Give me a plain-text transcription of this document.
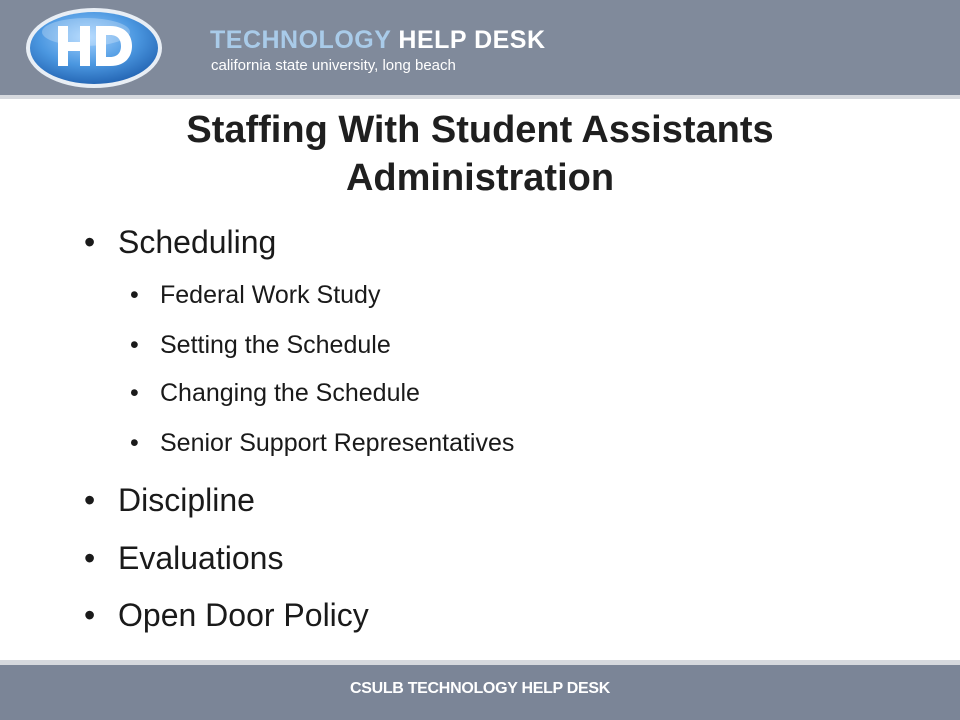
TECHNOLOGY HELP DESK
california state university, long beach
Staffing With Student Assistants
Administration
• Scheduling
• Federal Work Study
• Setting the Schedule
• Changing the Schedule
• Senior Support Representatives
• Discipline
• Evaluations
• Open Door Policy
CSULB TECHNOLOGY HELP DESK
